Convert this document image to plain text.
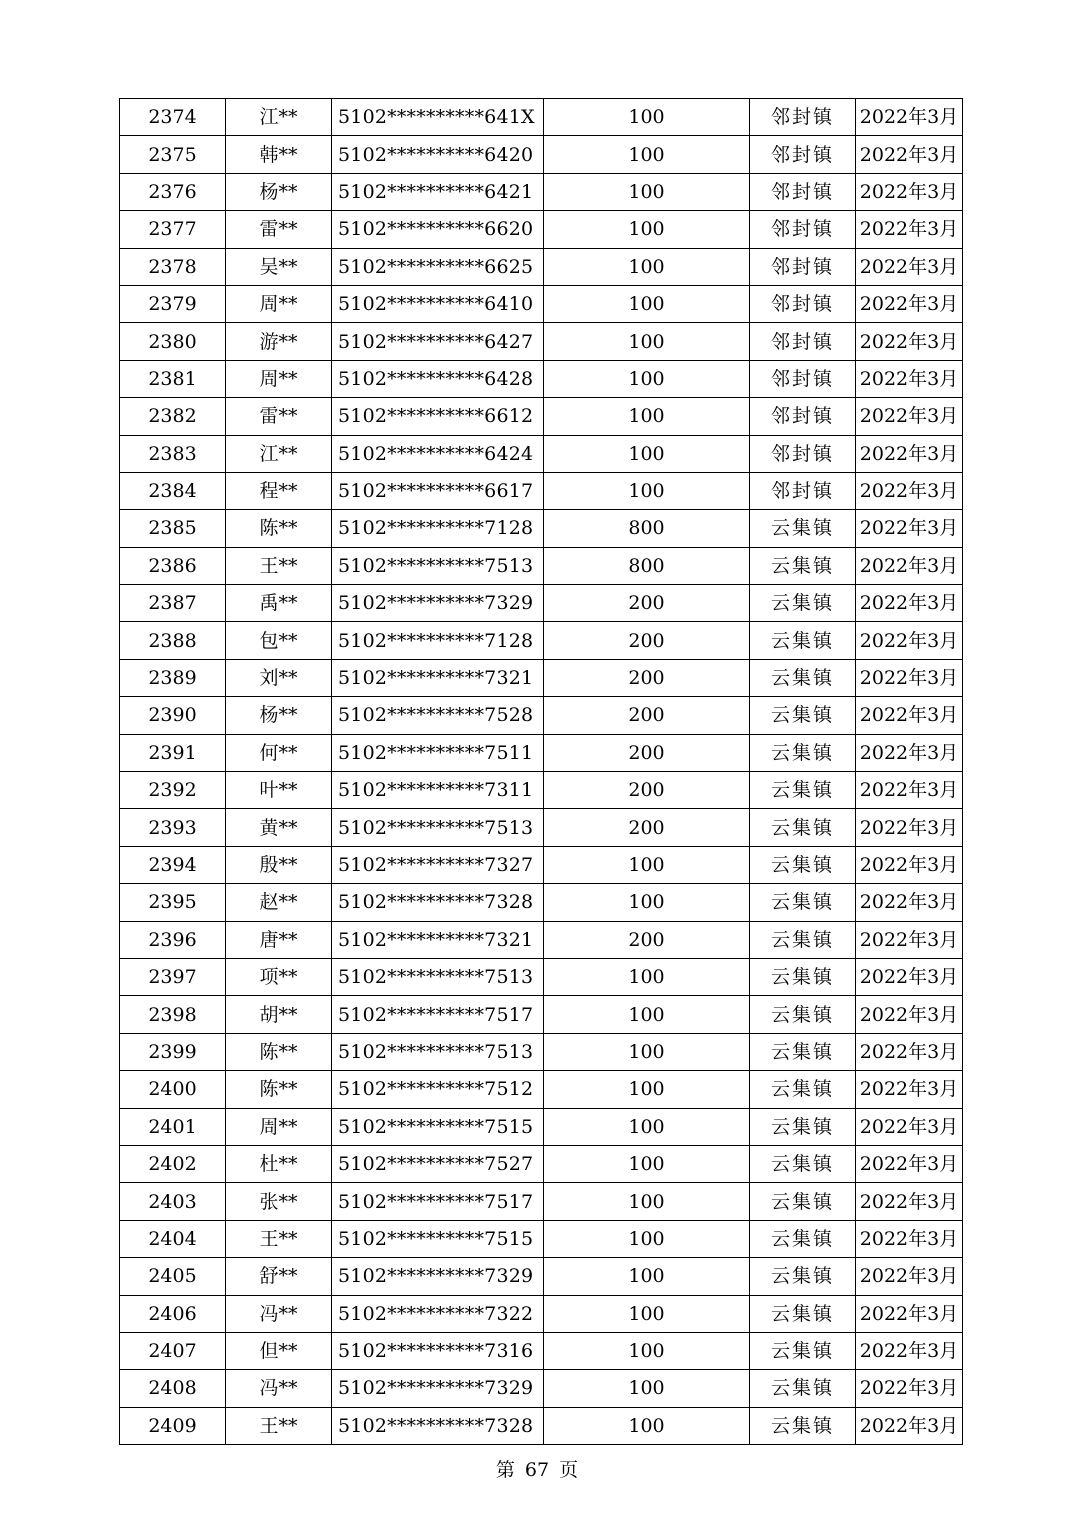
2374	江**	5102**********641X	100	邻封镇	2022年3月
2375	韩**	5102**********6420	100	邻封镇	2022年3月
2376	杨**	5102**********6421	100	邻封镇	2022年3月
2377	雷**	5102**********6620	100	邻封镇	2022年3月
2378	吴**	5102**********6625	100	邻封镇	2022年3月
2379	周**	5102**********6410	100	邻封镇	2022年3月
2380	游**	5102**********6427	100	邻封镇	2022年3月
2381	周**	5102**********6428	100	邻封镇	2022年3月
2382	雷**	5102**********6612	100	邻封镇	2022年3月
2383	江**	5102**********6424	100	邻封镇	2022年3月
2384	程**	5102**********6617	100	邻封镇	2022年3月
2385	陈**	5102**********7128	800	云集镇	2022年3月
2386	王**	5102**********7513	800	云集镇	2022年3月
2387	禹**	5102**********7329	200	云集镇	2022年3月
2388	包**	5102**********7128	200	云集镇	2022年3月
2389	刘**	5102**********7321	200	云集镇	2022年3月
2390	杨**	5102**********7528	200	云集镇	2022年3月
2391	何**	5102**********7511	200	云集镇	2022年3月
2392	叶**	5102**********7311	200	云集镇	2022年3月
2393	黄**	5102**********7513	200	云集镇	2022年3月
2394	殷**	5102**********7327	100	云集镇	2022年3月
2395	赵**	5102**********7328	100	云集镇	2022年3月
2396	唐**	5102**********7321	200	云集镇	2022年3月
2397	项**	5102**********7513	100	云集镇	2022年3月
2398	胡**	5102**********7517	100	云集镇	2022年3月
2399	陈**	5102**********7513	100	云集镇	2022年3月
2400	陈**	5102**********7512	100	云集镇	2022年3月
2401	周**	5102**********7515	100	云集镇	2022年3月
2402	杜**	5102**********7527	100	云集镇	2022年3月
2403	张**	5102**********7517	100	云集镇	2022年3月
2404	王**	5102**********7515	100	云集镇	2022年3月
2405	舒**	5102**********7329	100	云集镇	2022年3月
2406	冯**	5102**********7322	100	云集镇	2022年3月
2407	但**	5102**********7316	100	云集镇	2022年3月
2408	冯**	5102**********7329	100	云集镇	2022年3月
2409	王**	5102**********7328	100	云集镇	2022年3月
第 67 页
